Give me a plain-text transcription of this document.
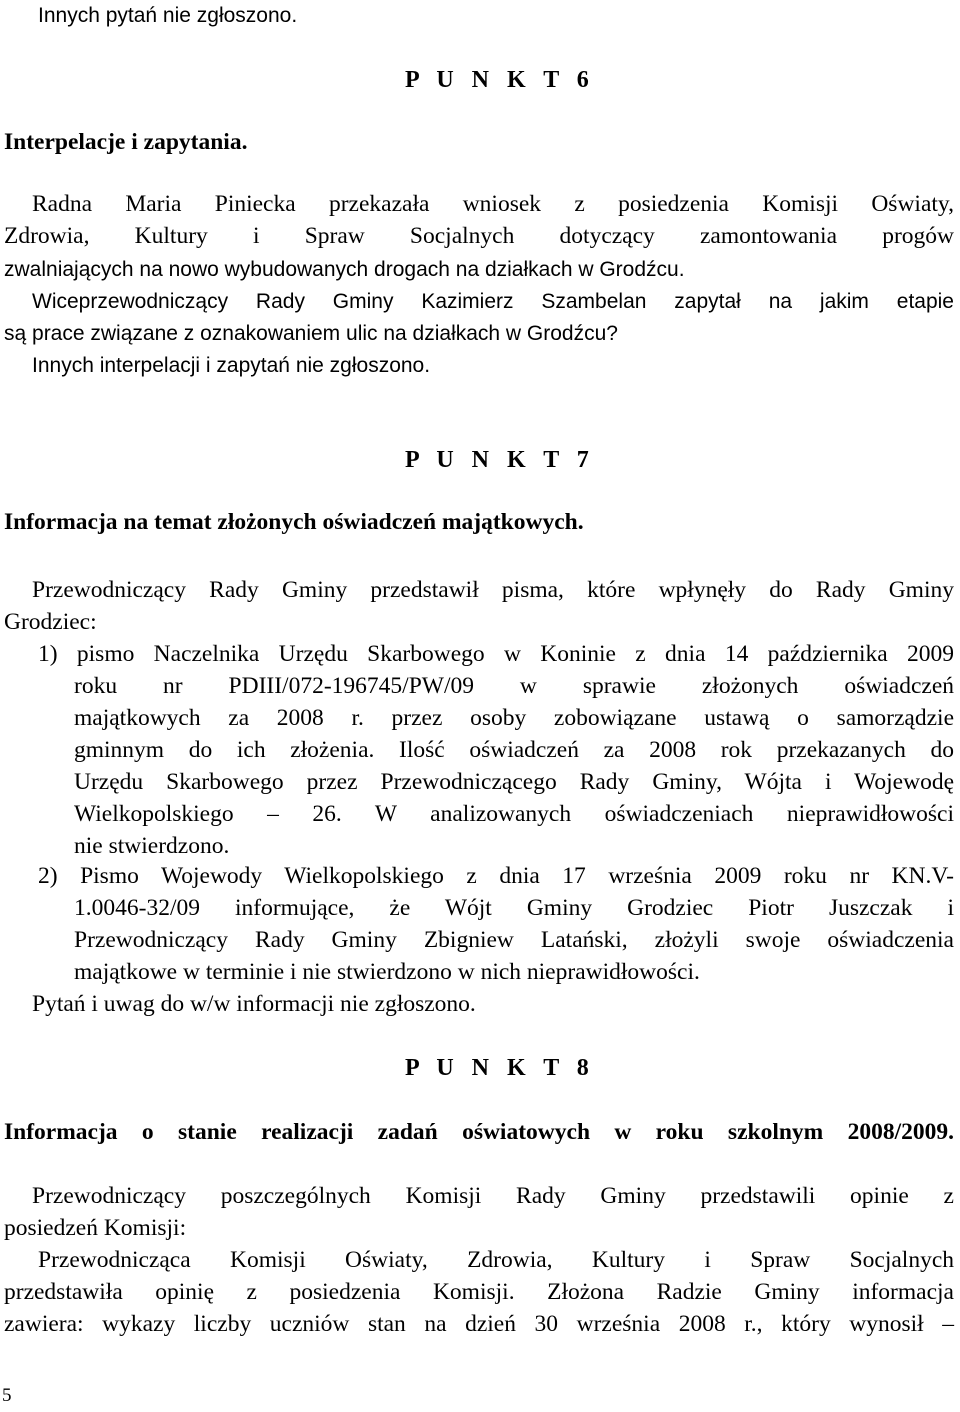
Innych pytań nie zgłoszono.
P U N K T 6
Interpelacje i zapytania.
Radna Maria Piniecka przekazała wniosek z posiedzenia Komisji Oświaty,
Zdrowia, Kultury i Spraw Socjalnych dotyczący zamontowania progów
zwalniających na nowo wybudowanych drogach na działkach w Grodźcu.
Wiceprzewodniczący Rady Gminy Kazimierz Szambelan zapytał na jakim etapie
są prace związane z oznakowaniem ulic na działkach w Grodźcu?
Innych interpelacji i zapytań nie zgłoszono.
P U N K T 7
Informacja na temat złożonych oświadczeń majątkowych.
Przewodniczący Rady Gminy przedstawił pisma, które wpłynęły do Rady Gminy
Grodziec:
1) pismo Naczelnika Urzędu Skarbowego w Koninie z dnia 14 października 2009
roku nr PDIII/072-196745/PW/09 w sprawie złożonych oświadczeń
majątkowych za 2008 r. przez osoby zobowiązane ustawą o samorządzie
gminnym do ich złożenia. Ilość oświadczeń za 2008 rok przekazanych do
Urzędu Skarbowego przez Przewodniczącego Rady Gminy, Wójta i Wojewodę
Wielkopolskiego – 26. W analizowanych oświadczeniach nieprawidłowości
nie stwierdzono.
2) Pismo Wojewody Wielkopolskiego z dnia 17 września 2009 roku nr KN.V-
1.0046-32/09 informujące, że Wójt Gminy Grodziec Piotr Juszczak i
Przewodniczący Rady Gminy Zbigniew Latański, złożyli swoje oświadczenia
majątkowe w terminie i nie stwierdzono w nich nieprawidłowości.
Pytań i uwag do w/w informacji nie zgłoszono.
P U N K T 8
Informacja o stanie realizacji zadań oświatowych w roku szkolnym 2008/2009.
Przewodniczący poszczególnych Komisji Rady Gminy przedstawili opinie z
posiedzeń Komisji:
Przewodnicząca Komisji Oświaty, Zdrowia, Kultury i Spraw Socjalnych
przedstawiła opinię z posiedzenia Komisji. Złożona Radzie Gminy informacja
zawiera: wykazy liczby uczniów stan na dzień 30 września 2008 r., który wynosił –
5
